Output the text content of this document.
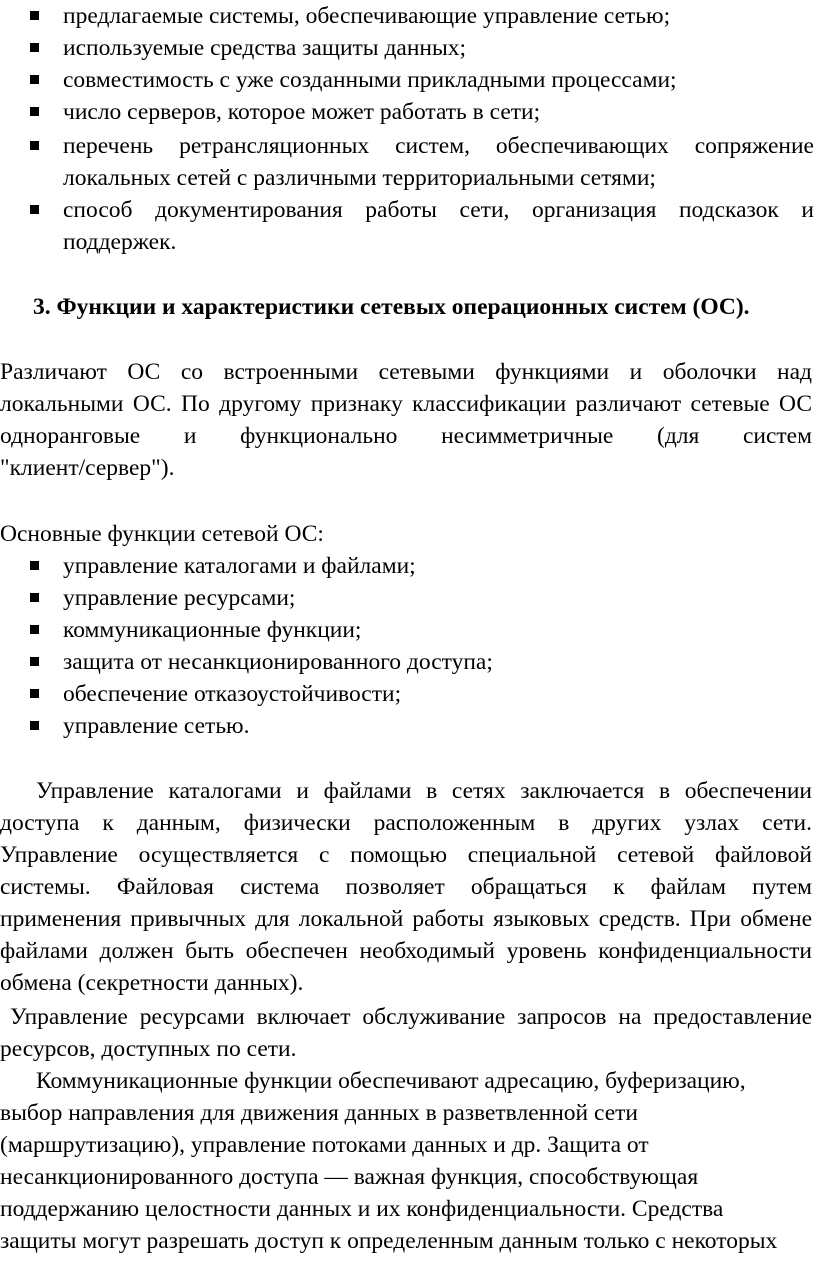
предлагаемые системы, обеспечивающие управление сетью;
используемые средства защиты данных;
совместимость с уже созданными прикладными процессами;
число серверов, которое может работать в сети;
перечень ретрансляционных систем, обеспечивающих сопряжение
локальных сетей с различными территориальными сетями;
способ документирования работы сети, организация подсказок и
поддержек.
3. Функции и характеристики сетевых операционных систем (ОС).
Различают ОС со встроенными сетевыми функциями и оболочки над
локальными ОС. По другому признаку классификации различают сетевые ОС
одноранговые и функционально несимметричные (для систем
"клиент/сервер").
Основные функции сетевой ОС:
управление каталогами и файлами;
управление ресурсами;
коммуникационные функции;
защита от несанкционированного доступа;
обеспечение отказоустойчивости;
управление сетью.
Управление каталогами и файлами в сетях заключается в обеспечении
доступа к данным, физически расположенным в других узлах сети.
Управление осуществляется с помощью специальной сетевой файловой
системы. Файловая система позволяет обращаться к файлам путем
применения привычных для локальной работы языковых средств. При обмене
файлами должен быть обеспечен необходимый уровень конфиденциальности
обмена (секретности данных).
Управление ресурсами включает обслуживание запросов на предоставление
ресурсов, доступных по сети.
Коммуникационные функции обеспечивают адресацию, буферизацию,
выбор направления для движения данных в разветвленной сети
(маршрутизацию), управление потоками данных и др. Защита от
несанкционированного доступа — важная функция, способствующая
поддержанию целостности данных и их конфиденциальности. Средства
защиты могут разрешать доступ к определенным данным только с некоторых
